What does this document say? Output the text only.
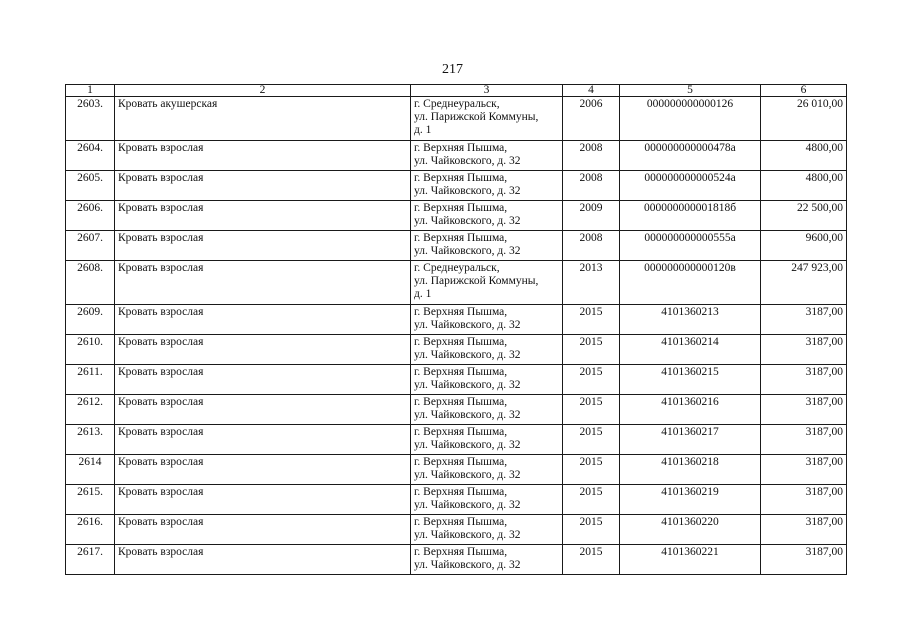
217
1	2	3	4	5	6
2603.	Кровать акушерская	г. Среднеуральск,
ул. Парижской Коммуны,
д. 1	2006	000000000000126	26 010,00
2604.	Кровать взрослая	г. Верхняя Пышма,
ул. Чайковского, д. 32	2008	000000000000478а	4800,00
2605.	Кровать взрослая	г. Верхняя Пышма,
ул. Чайковского, д. 32	2008	000000000000524а	4800,00
2606.	Кровать взрослая	г. Верхняя Пышма,
ул. Чайковского, д. 32	2009	000000000001818б	22 500,00
2607.	Кровать взрослая	г. Верхняя Пышма,
ул. Чайковского, д. 32	2008	000000000000555а	9600,00
2608.	Кровать взрослая	г. Среднеуральск,
ул. Парижской Коммуны,
д. 1	2013	000000000000120в	247 923,00
2609.	Кровать взрослая	г. Верхняя Пышма,
ул. Чайковского, д. 32	2015	4101360213	3187,00
2610.	Кровать взрослая	г. Верхняя Пышма,
ул. Чайковского, д. 32	2015	4101360214	3187,00
2611.	Кровать взрослая	г. Верхняя Пышма,
ул. Чайковского, д. 32	2015	4101360215	3187,00
2612.	Кровать взрослая	г. Верхняя Пышма,
ул. Чайковского, д. 32	2015	4101360216	3187,00
2613.	Кровать взрослая	г. Верхняя Пышма,
ул. Чайковского, д. 32	2015	4101360217	3187,00
2614	Кровать взрослая	г. Верхняя Пышма,
ул. Чайковского, д. 32	2015	4101360218	3187,00
2615.	Кровать взрослая	г. Верхняя Пышма,
ул. Чайковского, д. 32	2015	4101360219	3187,00
2616.	Кровать взрослая	г. Верхняя Пышма,
ул. Чайковского, д. 32	2015	4101360220	3187,00
2617.	Кровать взрослая	г. Верхняя Пышма,
ул. Чайковского, д. 32	2015	4101360221	3187,00
